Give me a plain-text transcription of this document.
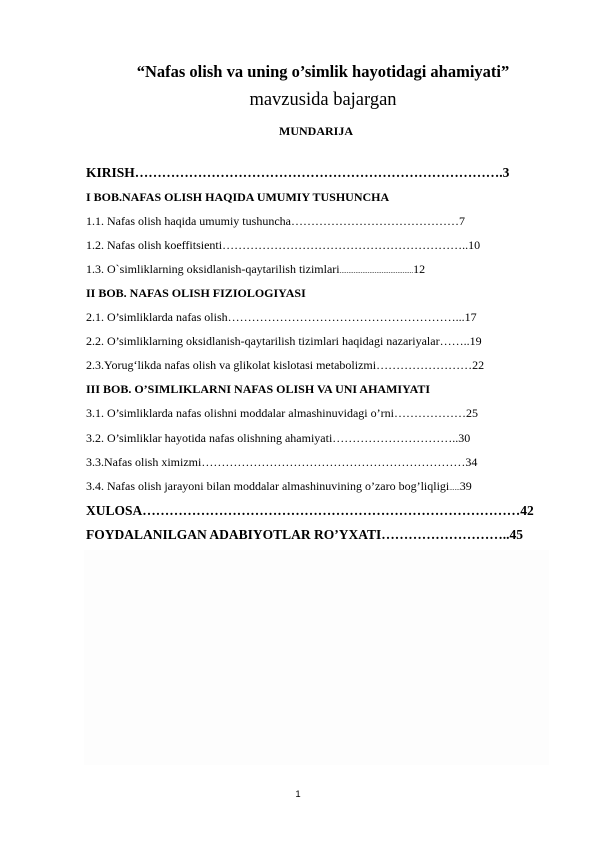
“Nafas olish va uning o’simlik hayotidagi ahamiyati”
mavzusida bajargan
MUNDARIJA
KIRISH……………………………………………………………………….3
I BOB.NAFAS OLISH HAQIDA UMUMIY TUSHUNCHA
1.1. Nafas olish haqida umumiy tushuncha……………………………………7
1.2. Nafas olish koeffitsienti……………………………………………………..10
1.3. O`simliklarning oksidlanish-qaytarilish tizimlari..........................................12
II BOB. NAFAS OLISH FIZIOLOGIYASI
2.1. O’simliklarda nafas olish…………………………………………………...17
2.2. O’simliklarning oksidlanish-qaytarilish tizimlari haqidagi nazariyalar……..19
2.3.Yorug‘likda nafas olish va glikolat kislotasi metabolizmi……………………22
III BOB. O’SIMLIKLARNI NAFAS OLISH VA UNI AHAMIYATI
3.1. O’simliklarda nafas olishni moddalar almashinuvidagi o’rni………………25
3.2. O’simliklar hayotida nafas olishning ahamiyati…………………………..30
3.3.Nafas olish ximizmi…………………………………………………………34
3.4. Nafas olish jarayoni bilan moddalar almashinuvining o’zaro bog’liqligi......39
XULOSA…………………………………………………………………………42
FOYDALANILGAN ADABIYOTLAR RO’YXATI………………………..45
1
